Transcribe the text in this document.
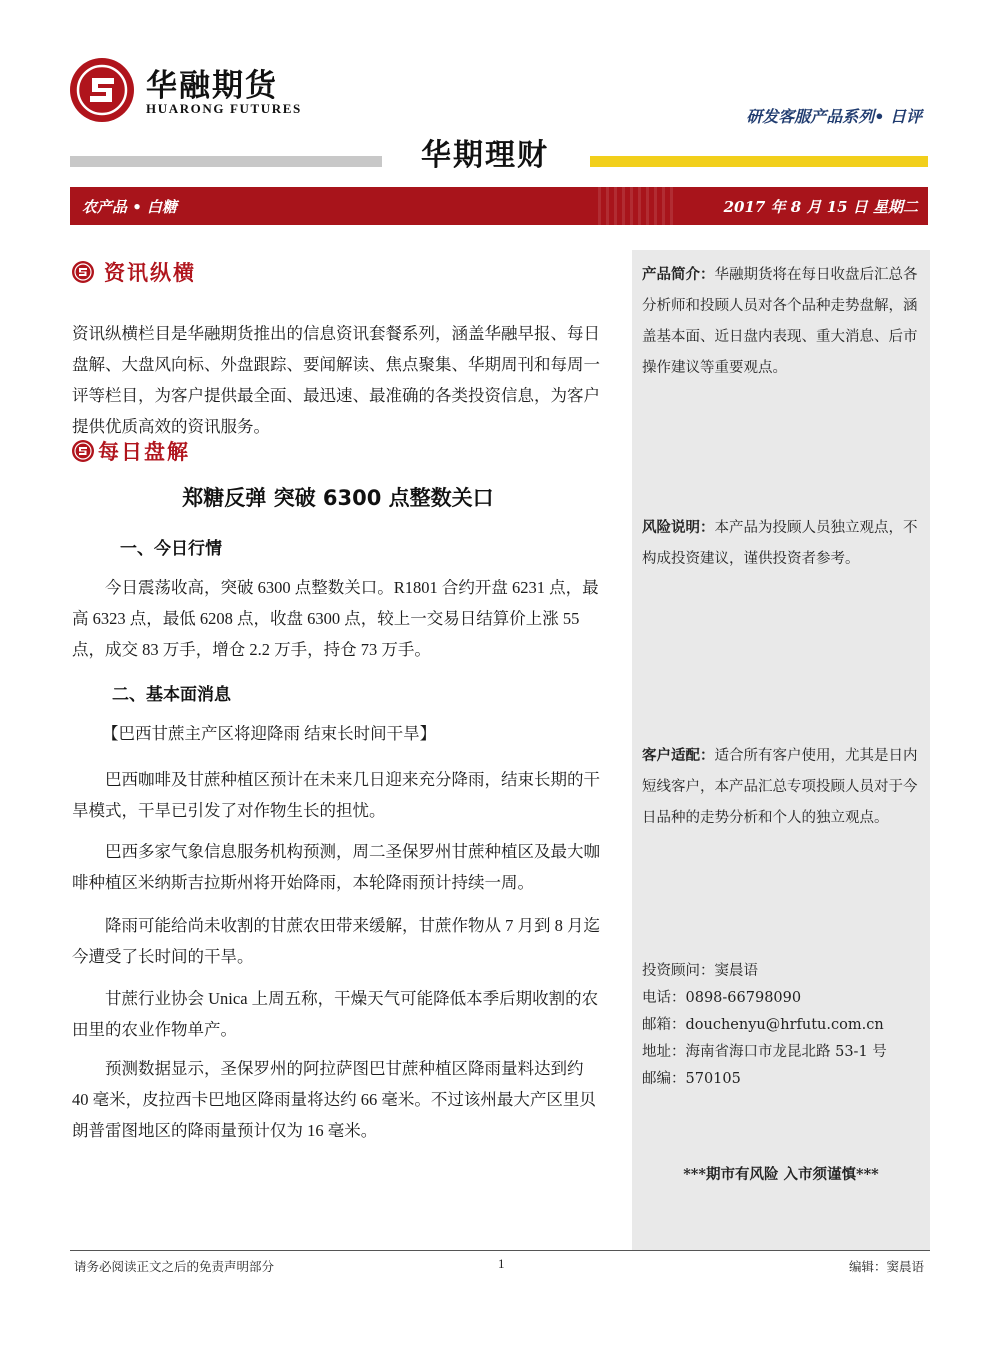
华融期货
HUARONG FUTURES	研发客服产品系列• 日评
华期理财
农产品 • 白糖	2017 年 8 月 15 日 星期二
产品简介：华融期货将在每日收盘后汇总各分析师和投顾人员对各个品种走势盘解，涵盖基本面、近日盘内表现、重大消息、后市操作建议等重要观点。
风险说明：本产品为投顾人员独立观点，不构成投资建议，谨供投资者参考。
客户适配：适合所有客户使用，尤其是日内短线客户，本产品汇总专项投顾人员对于今日品种的走势分析和个人的独立观点。
投资顾问：窦晨语
电话：0898-66798090
邮箱：douchenyu@hrfutu.com.cn
地址：海南省海口市龙昆北路 53-1 号
邮编：570105
***期市有风险 入市须谨慎***
资讯纵横

资讯纵横栏目是华融期货推出的信息资讯套餐系列，涵盖华融早报、每日盘解、大盘风向标、外盘跟踪、要闻解读、焦点聚集、华期周刊和每周一评等栏目，为客户提供最全面、最迅速、最准确的各类投资信息，为客户提供优质高效的资讯服务。

每日盘解
郑糖反弹 突破 6300 点整数关口
一、今日行情

今日震荡收高，突破 6300 点整数关口。R1801 合约开盘 6231 点，最高 6323 点，最低 6208 点，收盘 6300 点，较上一交易日结算价上涨 55 点，成交 83 万手，增仓 2.2 万手，持仓 73 万手。

二、基本面消息

【巴西甘蔗主产区将迎降雨 结束长时间干旱】

巴西咖啡及甘蔗种植区预计在未来几日迎来充分降雨，结束长期的干旱模式，干旱已引发了对作物生长的担忧。

巴西多家气象信息服务机构预测，周二圣保罗州甘蔗种植区及最大咖啡种植区米纳斯吉拉斯州将开始降雨，本轮降雨预计持续一周。

降雨可能给尚未收割的甘蔗农田带来缓解，甘蔗作物从 7 月到 8 月迄今遭受了长时间的干旱。

甘蔗行业协会 Unica 上周五称，干燥天气可能降低本季后期收割的农田里的农业作物单产。

预测数据显示，圣保罗州的阿拉萨图巴甘蔗种植区降雨量料达到约 40 毫米，皮拉西卡巴地区降雨量将达约 66 毫米。不过该州最大产区里贝朗普雷图地区的降雨量预计仅为 16 毫米。

请务必阅读正文之后的免责声明部分	1	编辑：窦晨语
